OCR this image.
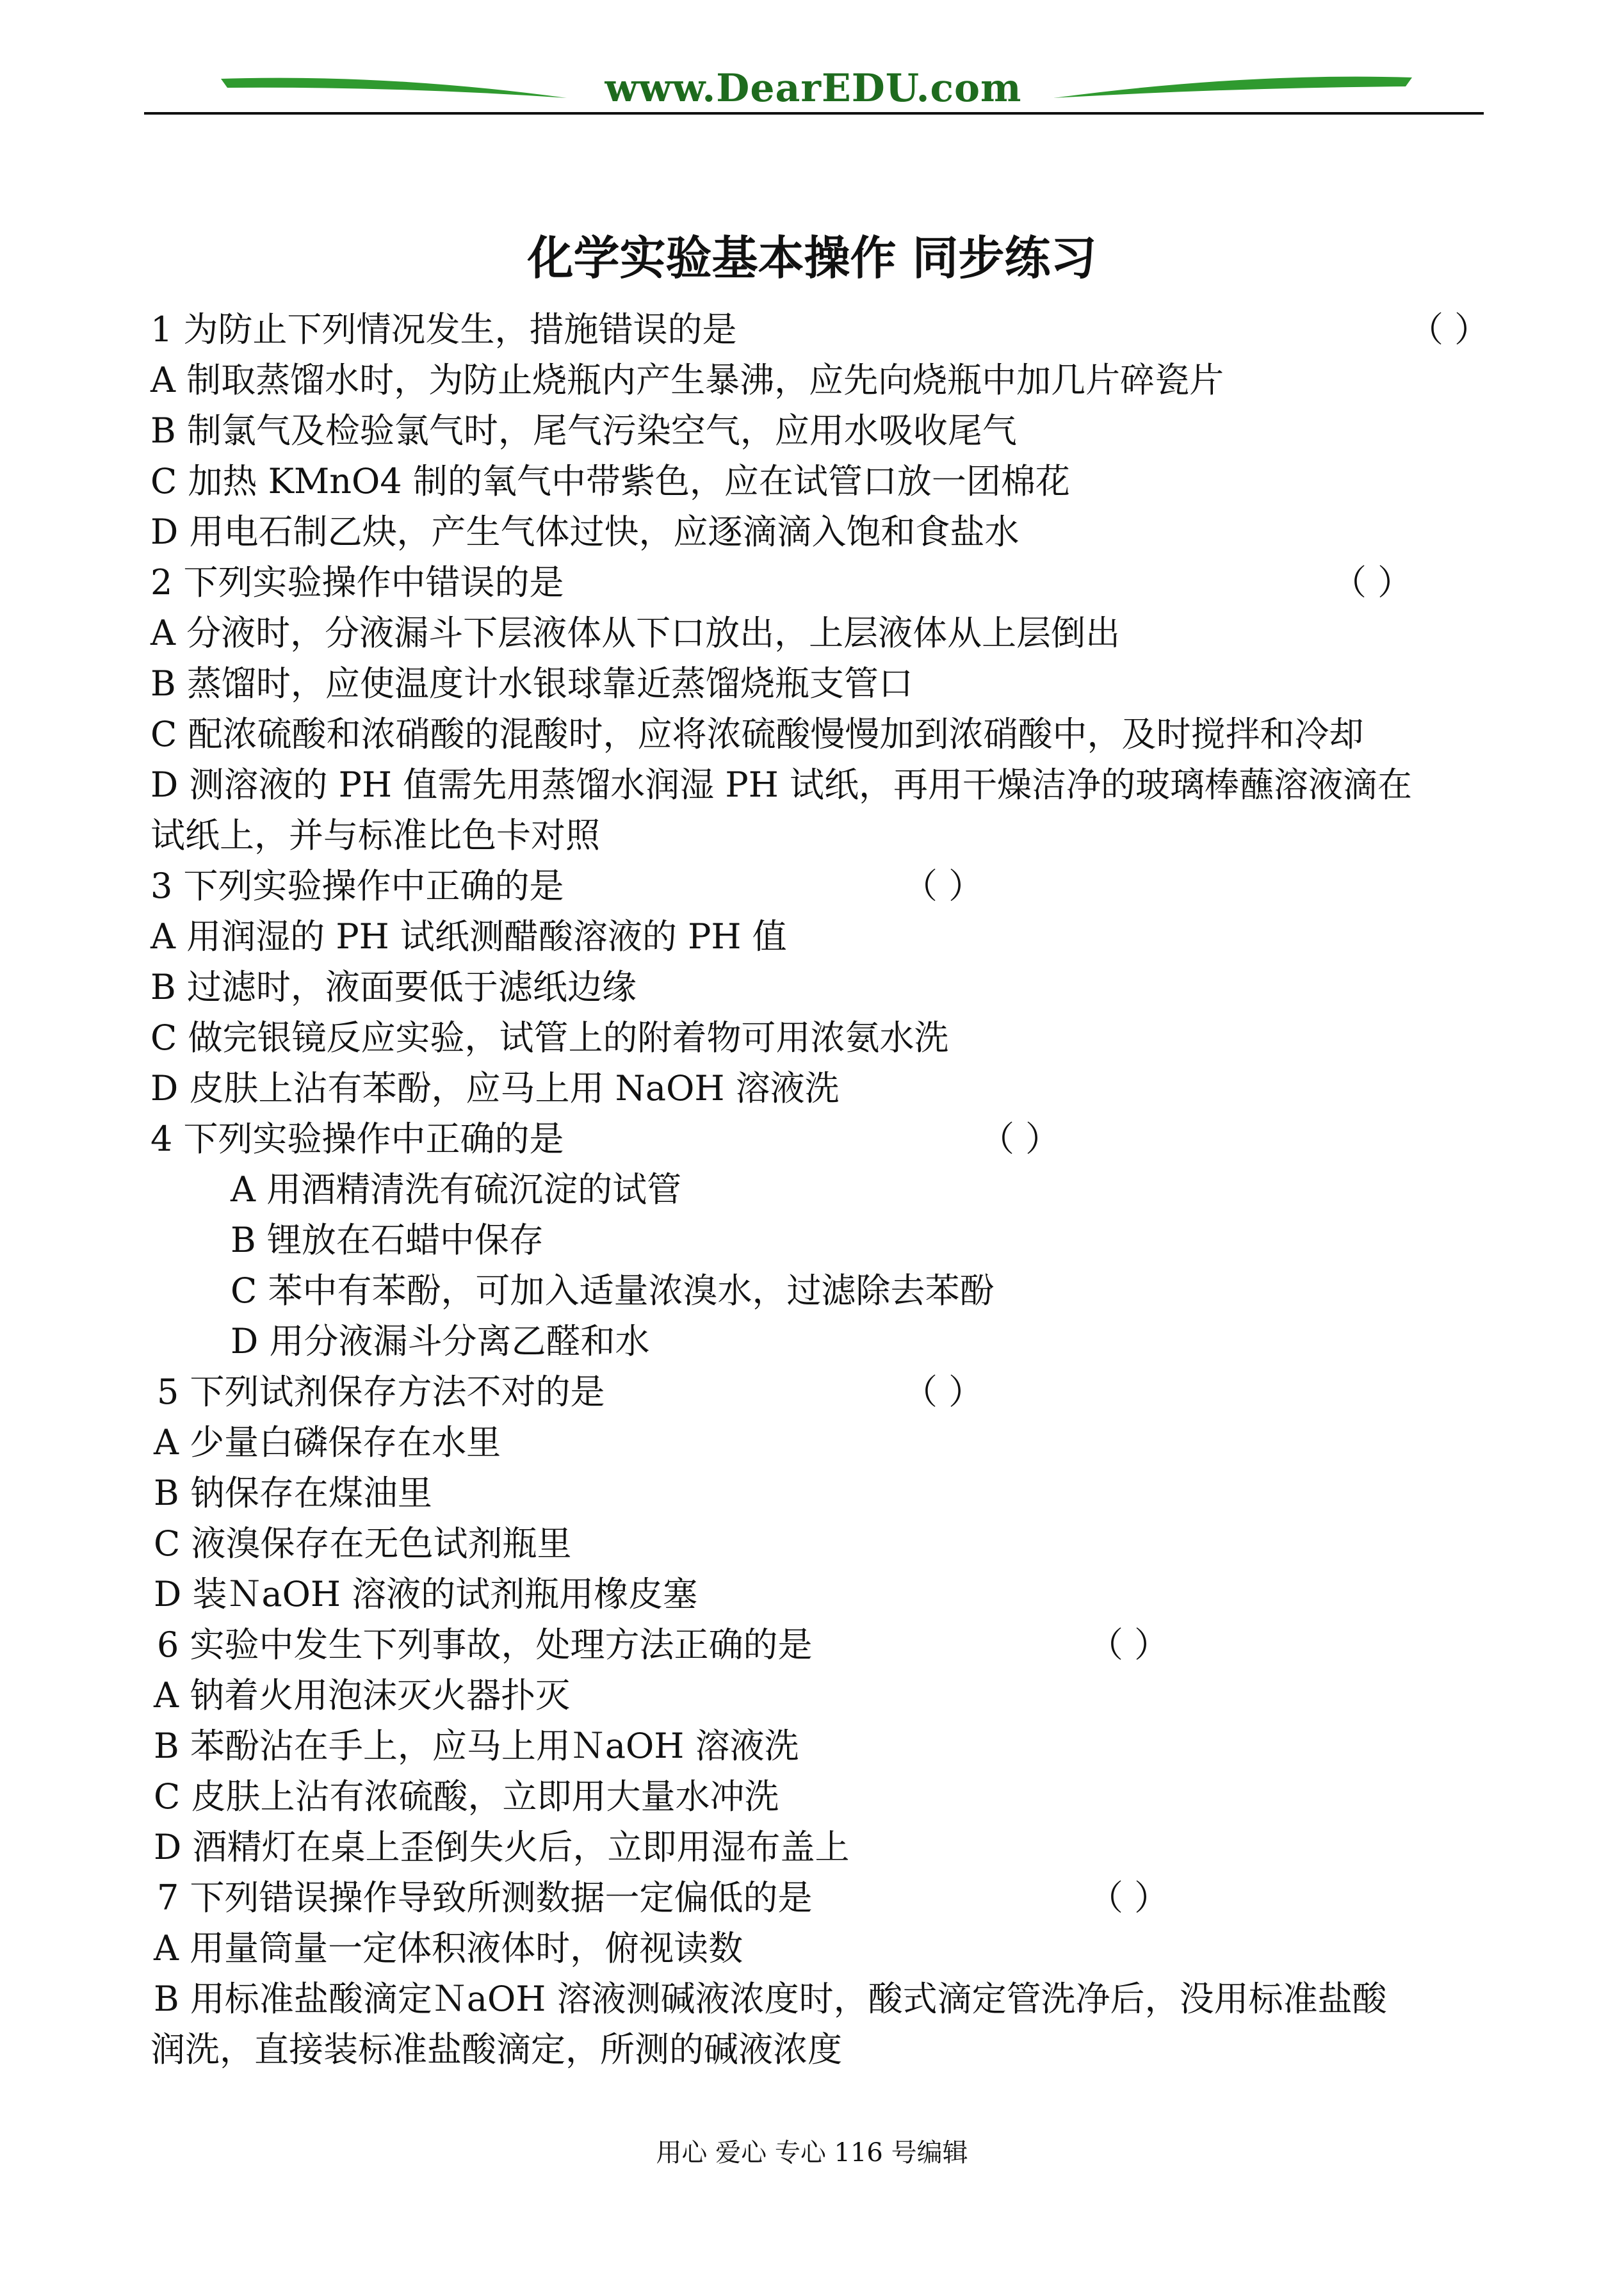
www.DearEDU.com
化学实验基本操作 同步练习
1 为防止下列情况发生，措施错误的是	（ ）
A 制取蒸馏水时，为防止烧瓶内产生暴沸，应先向烧瓶中加几片碎瓷片
B 制氯气及检验氯气时，尾气污染空气，应用水吸收尾气
C 加热 KMnO4 制的氧气中带紫色，应在试管口放一团棉花
D 用电石制乙炔，产生气体过快，应逐滴滴入饱和食盐水
2 下列实验操作中错误的是	（ ）
A 分液时，分液漏斗下层液体从下口放出，上层液体从上层倒出
B 蒸馏时，应使温度计水银球靠近蒸馏烧瓶支管口
C 配浓硫酸和浓硝酸的混酸时，应将浓硫酸慢慢加到浓硝酸中，及时搅拌和冷却
D 测溶液的 PH 值需先用蒸馏水润湿 PH 试纸，再用干燥洁净的玻璃棒蘸溶液滴在
试纸上，并与标准比色卡对照
3 下列实验操作中正确的是	（ ）
A 用润湿的 PH 试纸测醋酸溶液的 PH 值
B 过滤时，液面要低于滤纸边缘
C 做完银镜反应实验，试管上的附着物可用浓氨水洗
D 皮肤上沾有苯酚，应马上用 NaOH 溶液洗
4 下列实验操作中正确的是	（ ）
A 用酒精清洗有硫沉淀的试管
B 锂放在石蜡中保存
C 苯中有苯酚，可加入适量浓溴水，过滤除去苯酚
D 用分液漏斗分离乙醛和水
5 下列试剂保存方法不对的是	（ ）
A 少量白磷保存在水里
B 钠保存在煤油里
C 液溴保存在无色试剂瓶里
D 装ＮaOH 溶液的试剂瓶用橡皮塞
6 实验中发生下列事故，处理方法正确的是	（ ）
A 钠着火用泡沫灭火器扑灭
B 苯酚沾在手上，应马上用ＮaOH 溶液洗
C 皮肤上沾有浓硫酸，立即用大量水冲洗
D 酒精灯在桌上歪倒失火后，立即用湿布盖上
7 下列错误操作导致所测数据一定偏低的是	（ ）
A 用量筒量一定体积液体时，俯视读数
B 用标准盐酸滴定ＮaOH 溶液测碱液浓度时，酸式滴定管洗净后，没用标准盐酸
润洗，直接装标准盐酸滴定，所测的碱液浓度
用心 爱心 专心 116 号编辑
